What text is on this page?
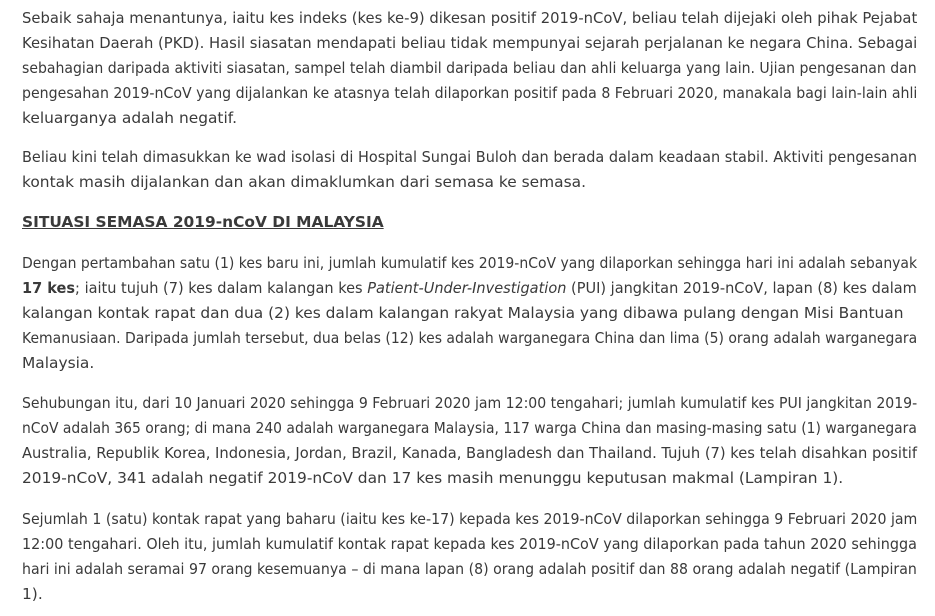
Sebaik sahaja menantunya, iaitu kes indeks (kes ke-9) dikesan positif 2019-nCoV, beliau telah dijejaki oleh pihak Pejabat Kesihatan Daerah (PKD). Hasil siasatan mendapati beliau tidak mempunyai sejarah perjalanan ke negara China. Sebagai sebahagian daripada aktiviti siasatan, sampel telah diambil daripada beliau dan ahli keluarga yang lain. Ujian pengesanan dan pengesahan 2019-nCoV yang dijalankan ke atasnya telah dilaporkan positif pada 8 Februari 2020, manakala bagi lain-lain ahli keluarganya adalah negatif.

Beliau kini telah dimasukkan ke wad isolasi di Hospital Sungai Buloh dan berada dalam keadaan stabil. Aktiviti pengesanan kontak masih dijalankan dan akan dimaklumkan dari semasa ke semasa.

SITUASI SEMASA 2019-nCoV DI MALAYSIA

Dengan pertambahan satu (1) kes baru ini, jumlah kumulatif kes 2019-nCoV yang dilaporkan sehingga hari ini adalah sebanyak 17 kes; iaitu tujuh (7) kes dalam kalangan kes Patient-Under-Investigation (PUI) jangkitan 2019-nCoV, lapan (8) kes dalam kalangan kontak rapat dan dua (2) kes dalam kalangan rakyat Malaysia yang dibawa pulang dengan Misi Bantuan Kemanusiaan. Daripada jumlah tersebut, dua belas (12) kes adalah warganegara China dan lima (5) orang adalah warganegara Malaysia.

Sehubungan itu, dari 10 Januari 2020 sehingga 9 Februari 2020 jam 12:00 tengahari; jumlah kumulatif kes PUI jangkitan 2019- nCoV adalah 365 orang; di mana 240 adalah warganegara Malaysia, 117 warga China dan masing-masing satu (1) warganegara Australia, Republik Korea, Indonesia, Jordan, Brazil, Kanada, Bangladesh dan Thailand. Tujuh (7) kes telah disahkan positif 2019-nCoV, 341 adalah negatif 2019-nCoV dan 17 kes masih menunggu keputusan makmal (Lampiran 1).

Sejumlah 1 (satu) kontak rapat yang baharu (iaitu kes ke-17) kepada kes 2019-nCoV dilaporkan sehingga 9 Februari 2020 jam 12:00 tengahari. Oleh itu, jumlah kumulatif kontak rapat kepada kes 2019-nCoV yang dilaporkan pada tahun 2020 sehingga hari ini adalah seramai 97 orang kesemuanya – di mana lapan (8) orang adalah positif dan 88 orang adalah negatif (Lampiran 1).
